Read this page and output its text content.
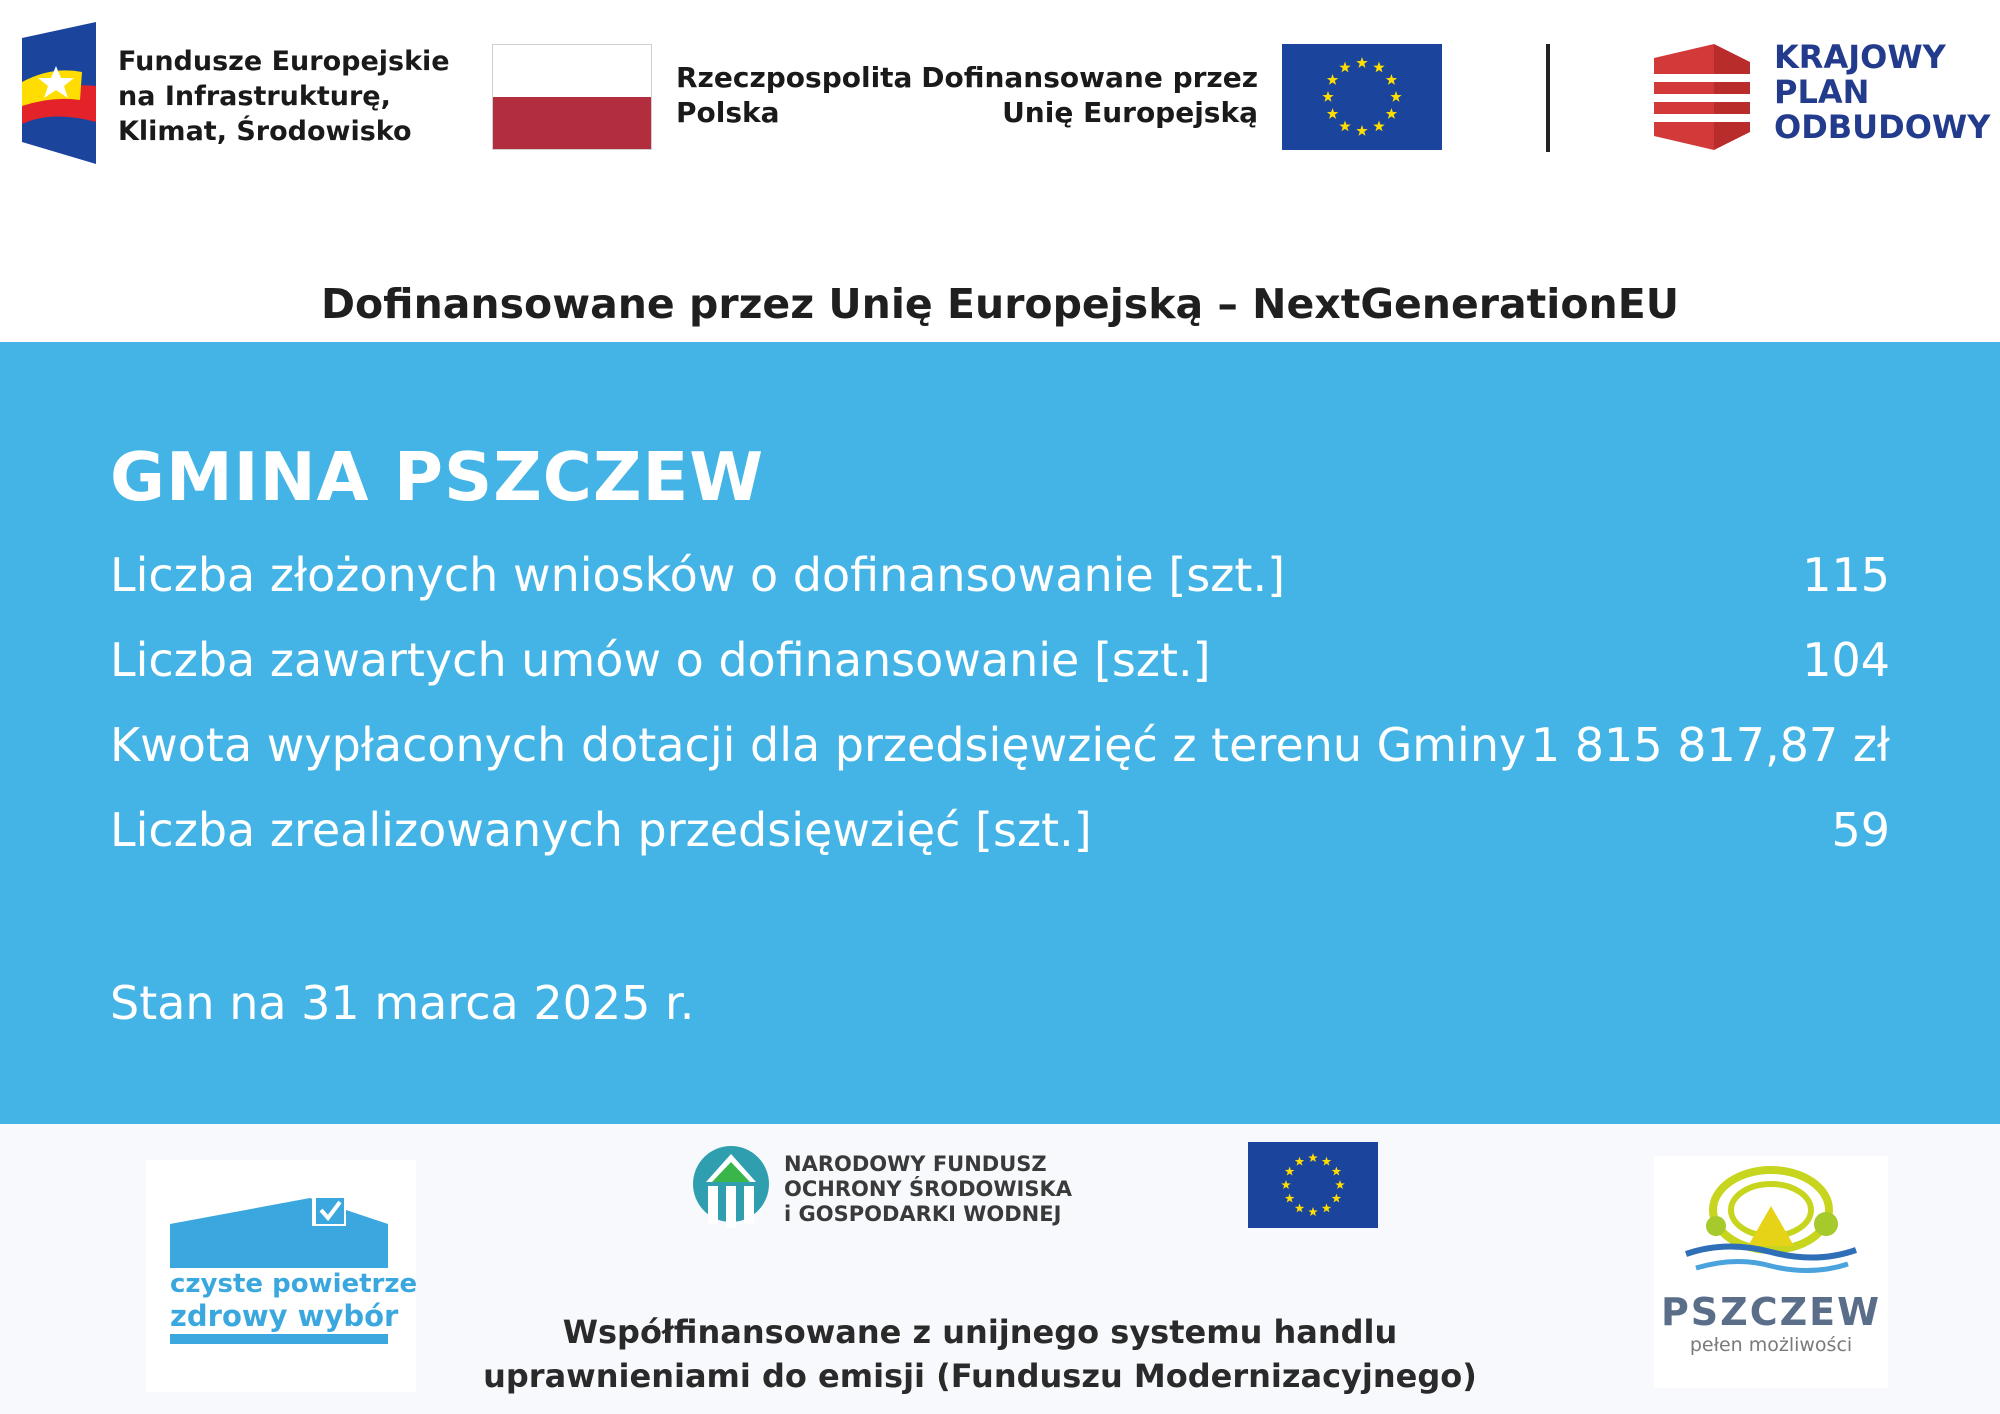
Fundusze Europejskie
na Infrastrukturę,
Klimat, Środowisko
Rzeczpospolita
Polska
Dofinansowane przez
Unię Europejską
KRAJOWY
PLAN
ODBUDOWY
Dofinansowane przez Unię Europejską – NextGenerationEU
GMINA PSZCZEW
Liczba złożonych wniosków o dofinansowanie [szt.]	115
Liczba zawartych umów o dofinansowanie [szt.]	104
Kwota wypłaconych dotacji dla przedsięwzięć z terenu Gminy 1 815 817,87 zł
Liczba zrealizowanych przedsięwzięć [szt.]	59
Stan na 31 marca 2025 r.
czyste powietrze
zdrowy wybór
NARODOWY FUNDUSZ
OCHRONY ŚRODOWISKA
i GOSPODARKI WODNEJ
Współfinansowane z unijnego systemu handlu
uprawnieniami do emisji (Funduszu Modernizacyjnego)
PSZCZEW
pełen możliwości
